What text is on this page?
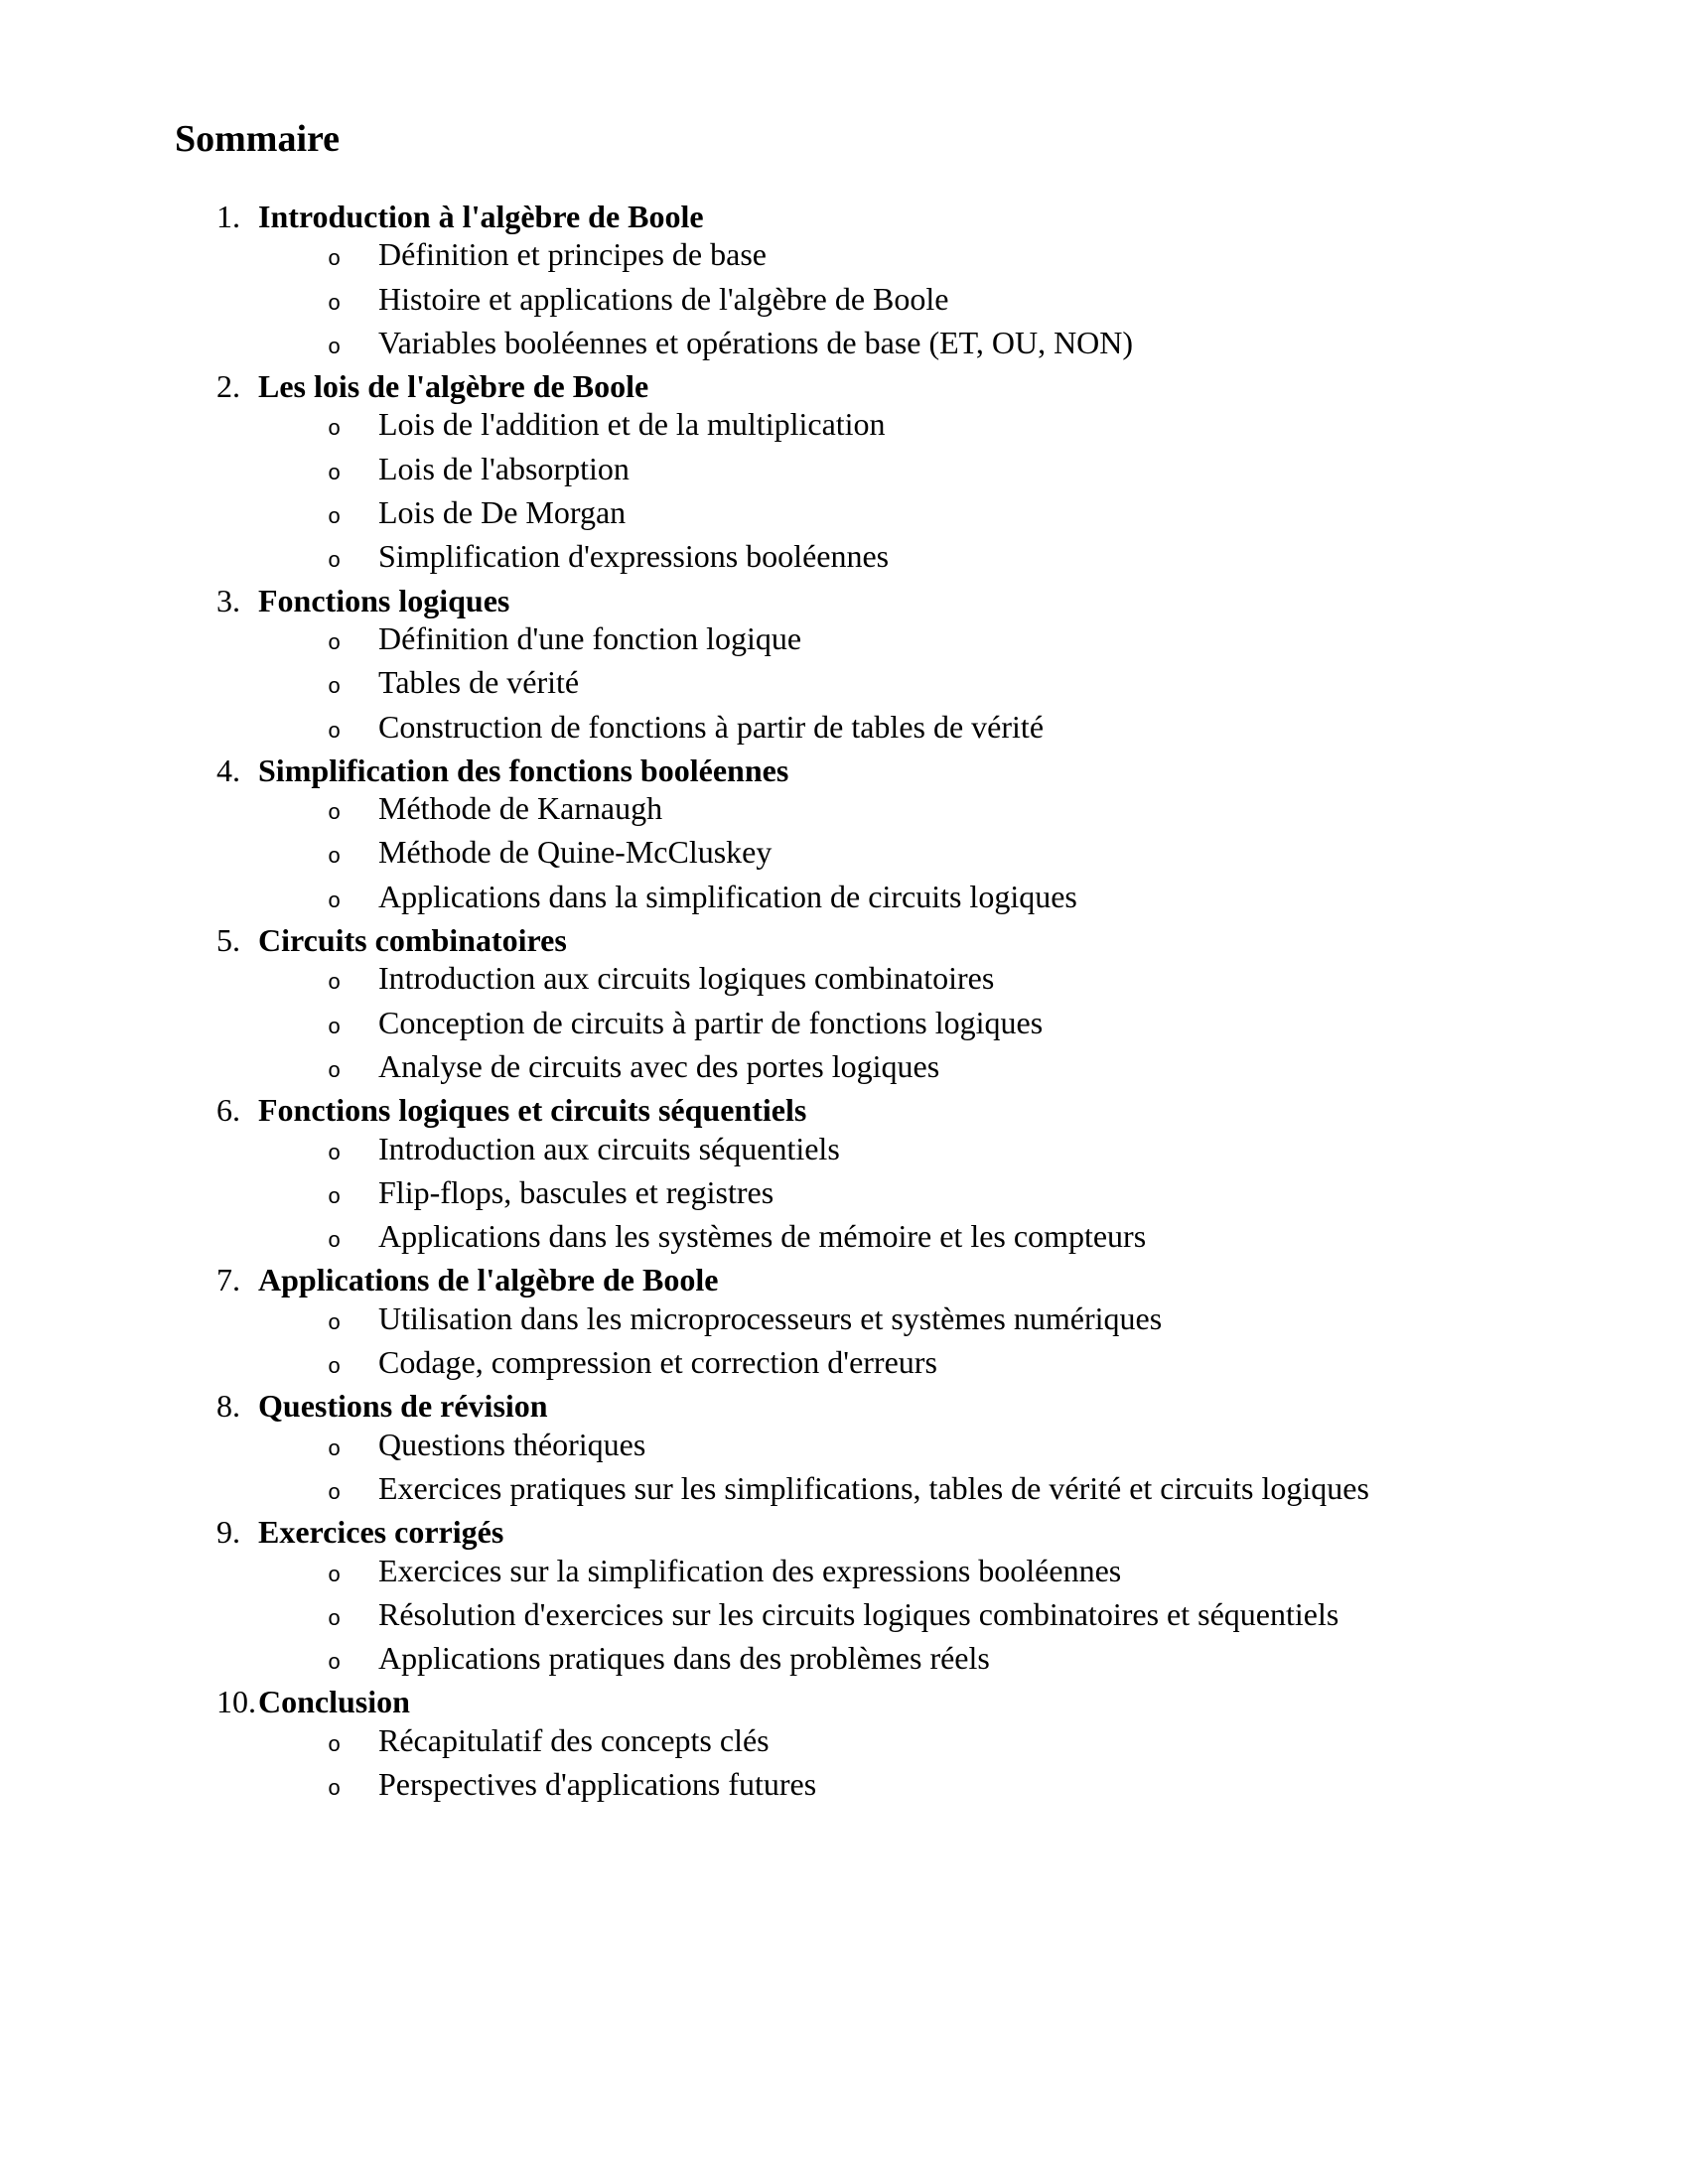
Sommaire
1. Introduction à l'algèbre de Boole
o Définition et principes de base
o Histoire et applications de l'algèbre de Boole
o Variables booléennes et opérations de base (ET, OU, NON)
2. Les lois de l'algèbre de Boole
o Lois de l'addition et de la multiplication
o Lois de l'absorption
o Lois de De Morgan
o Simplification d'expressions booléennes
3. Fonctions logiques
o Définition d'une fonction logique
o Tables de vérité
o Construction de fonctions à partir de tables de vérité
4. Simplification des fonctions booléennes
o Méthode de Karnaugh
o Méthode de Quine-McCluskey
o Applications dans la simplification de circuits logiques
5. Circuits combinatoires
o Introduction aux circuits logiques combinatoires
o Conception de circuits à partir de fonctions logiques
o Analyse de circuits avec des portes logiques
6. Fonctions logiques et circuits séquentiels
o Introduction aux circuits séquentiels
o Flip-flops, bascules et registres
o Applications dans les systèmes de mémoire et les compteurs
7. Applications de l'algèbre de Boole
o Utilisation dans les microprocesseurs et systèmes numériques
o Codage, compression et correction d'erreurs
8. Questions de révision
o Questions théoriques
o Exercices pratiques sur les simplifications, tables de vérité et circuits logiques
9. Exercices corrigés
o Exercices sur la simplification des expressions booléennes
o Résolution d'exercices sur les circuits logiques combinatoires et séquentiels
o Applications pratiques dans des problèmes réels
10.Conclusion
o Récapitulatif des concepts clés
o Perspectives d'applications futures
